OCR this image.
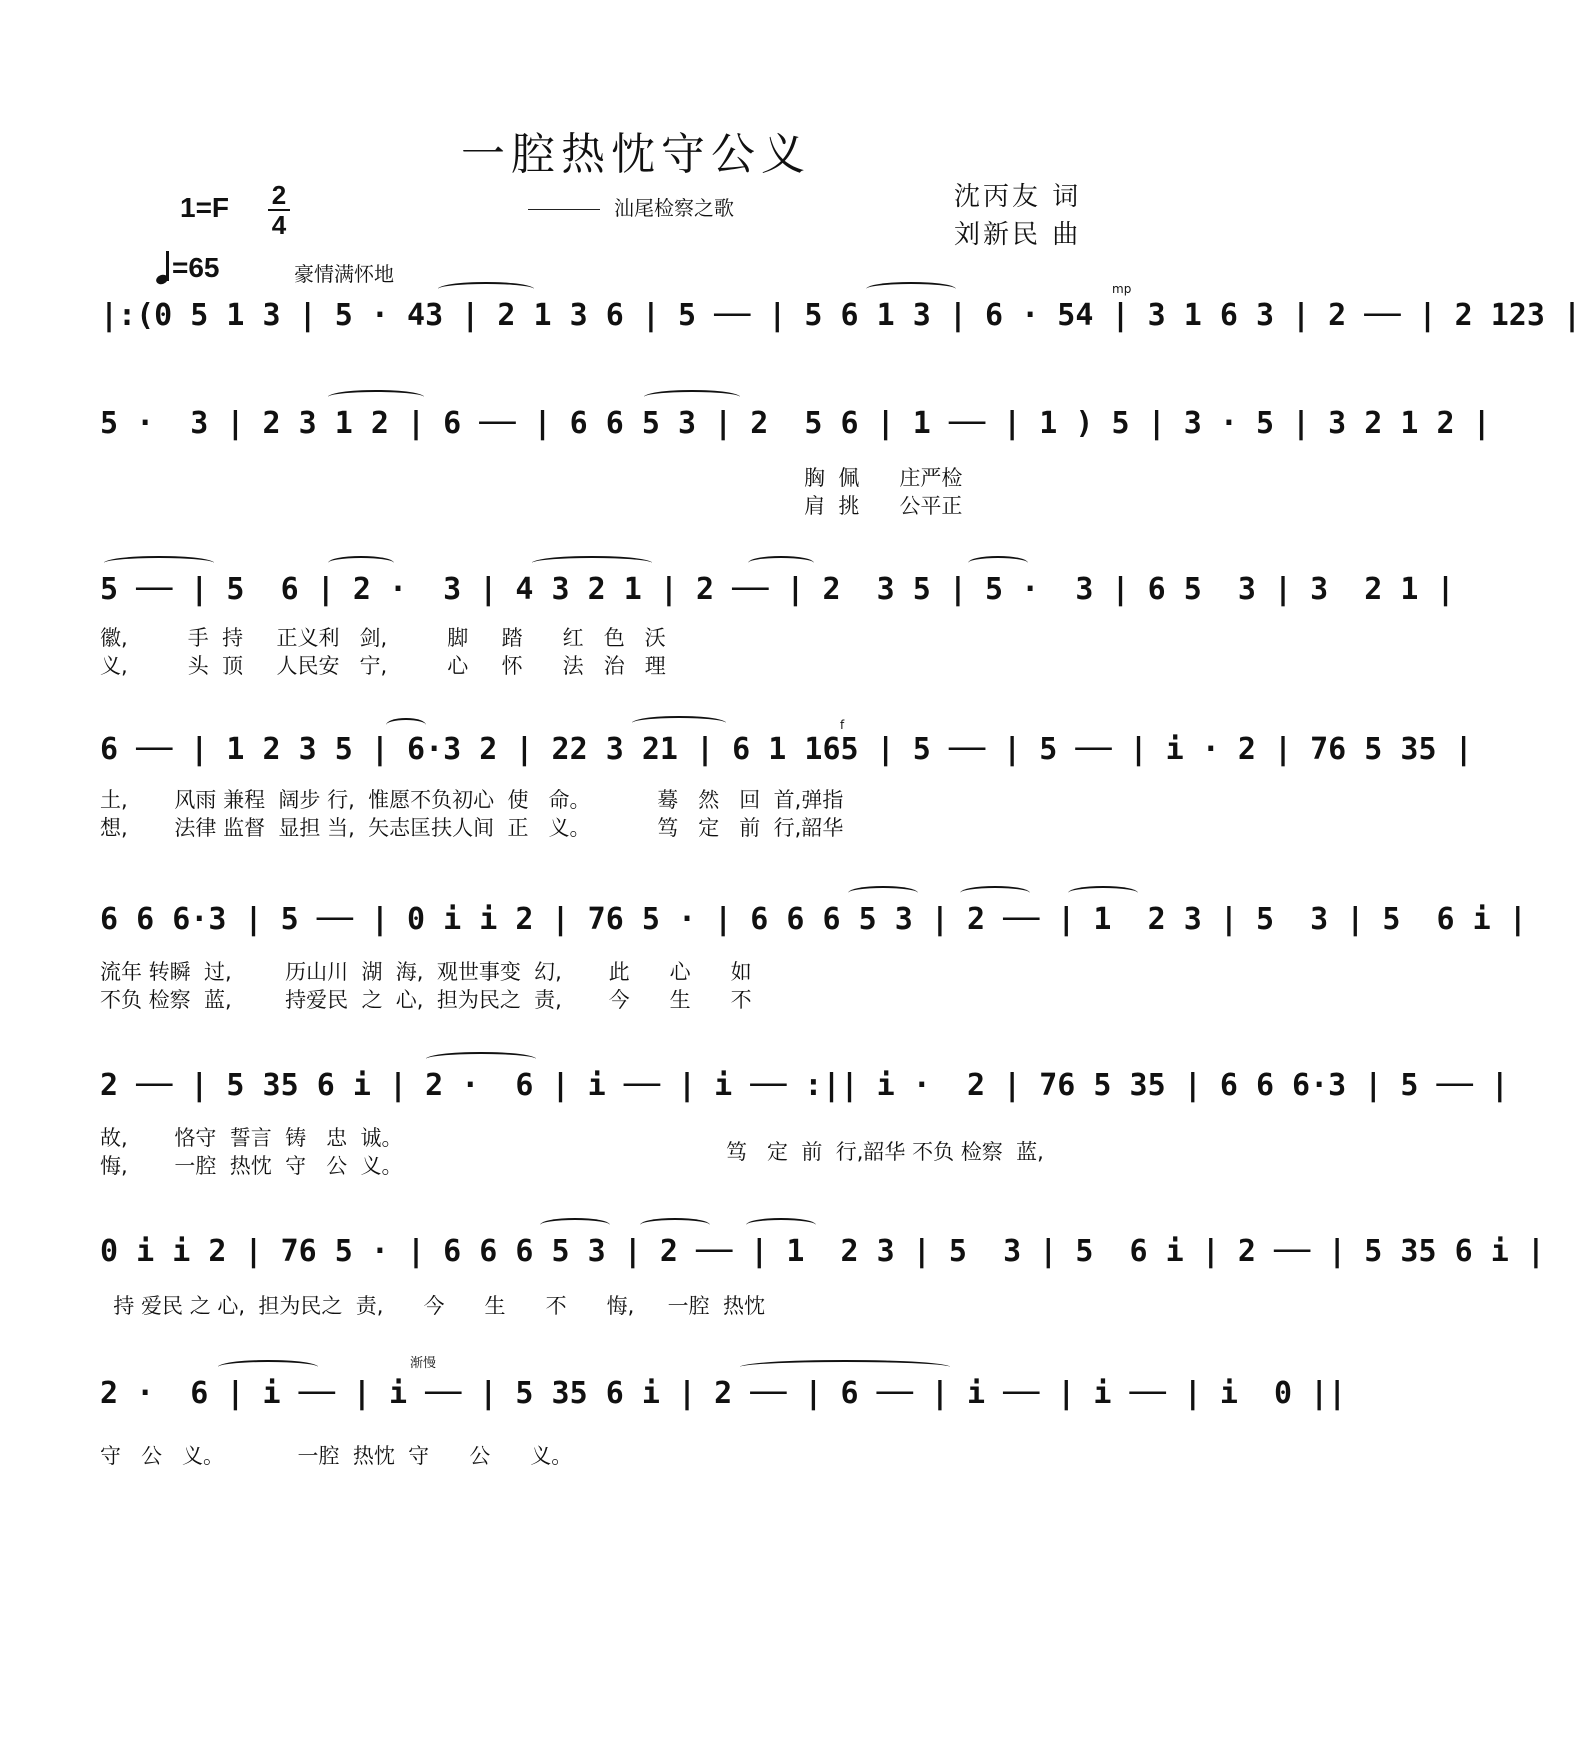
一腔热忱守公义
汕尾检察之歌
1=F 2
4
=65	豪情满怀地
沈丙友 词
刘新民 曲
|:(0 5 1 3 | 5 · 43 | 2 1 3 6 | 5 ── | 5 6 1 3 | 6 · 54 | 3 1 6 3 | 2 ── | 2 123 |
mp
5 ·  3 | 2 3 1 2 | 6 ── | 6 6 5 3 | 2  5 6 | 1 ── | 1 ) 5 | 3 · 5 | 3 2 1 2 |
胸  佩      庄严检
肩  挑      公平正
5 ── | 5  6 | 2 ·  3 | 4 3 2 1 | 2 ── | 2  3 5 | 5 ·  3 | 6 5  3 | 3  2 1 |
徽,         手  持     正义利   剑,         脚     踏      红   色   沃
义,         头  顶     人民安   宁,         心     怀      法   治   理
6 ── | 1 2 3 5 | 6·3 2 | 22 3 21 | 6 1 165 | 5 ── | 5 ── | i · 2 | 76 5 35 |
f
土,       风雨 兼程  阔步 行,  惟愿不负初心  使   命。          蓦   然   回  首,弹指
想,       法律 监督  显担 当,  矢志匡扶人间  正   义。          笃   定   前  行,韶华
6 6 6·3 | 5 ── | 0 i i 2 | 76 5 · | 6 6 6 5 3 | 2 ── | 1  2 3 | 5  3 | 5  6 i |
流年 转瞬  过,        历山川  湖  海,  观世事变  幻,       此      心      如
不负 检察  蓝,        持爱民  之  心,  担为民之  责,       今      生      不
2 ── | 5 35 6 i | 2 ·  6 | i ── | i ── :|| i ·  2 | 76 5 35 | 6 6 6·3 | 5 ── |
故,       恪守  誓言  铸   忠  诚。
悔,       一腔  热忱  守   公  义。
笃   定  前  行,韶华 不负 检察  蓝,
0 i i 2 | 76 5 · | 6 6 6 5 3 | 2 ── | 1  2 3 | 5  3 | 5  6 i | 2 ── | 5 35 6 i |
持 爱民 之 心,  担为民之  责,      今      生      不      悔,     一腔  热忱
2 ·  6 | i ── | i ── | 5 35 6 i | 2 ── | 6 ── | i ── | i ── | i  0 ||
渐慢
守   公   义。           一腔  热忱  守      公      义。
